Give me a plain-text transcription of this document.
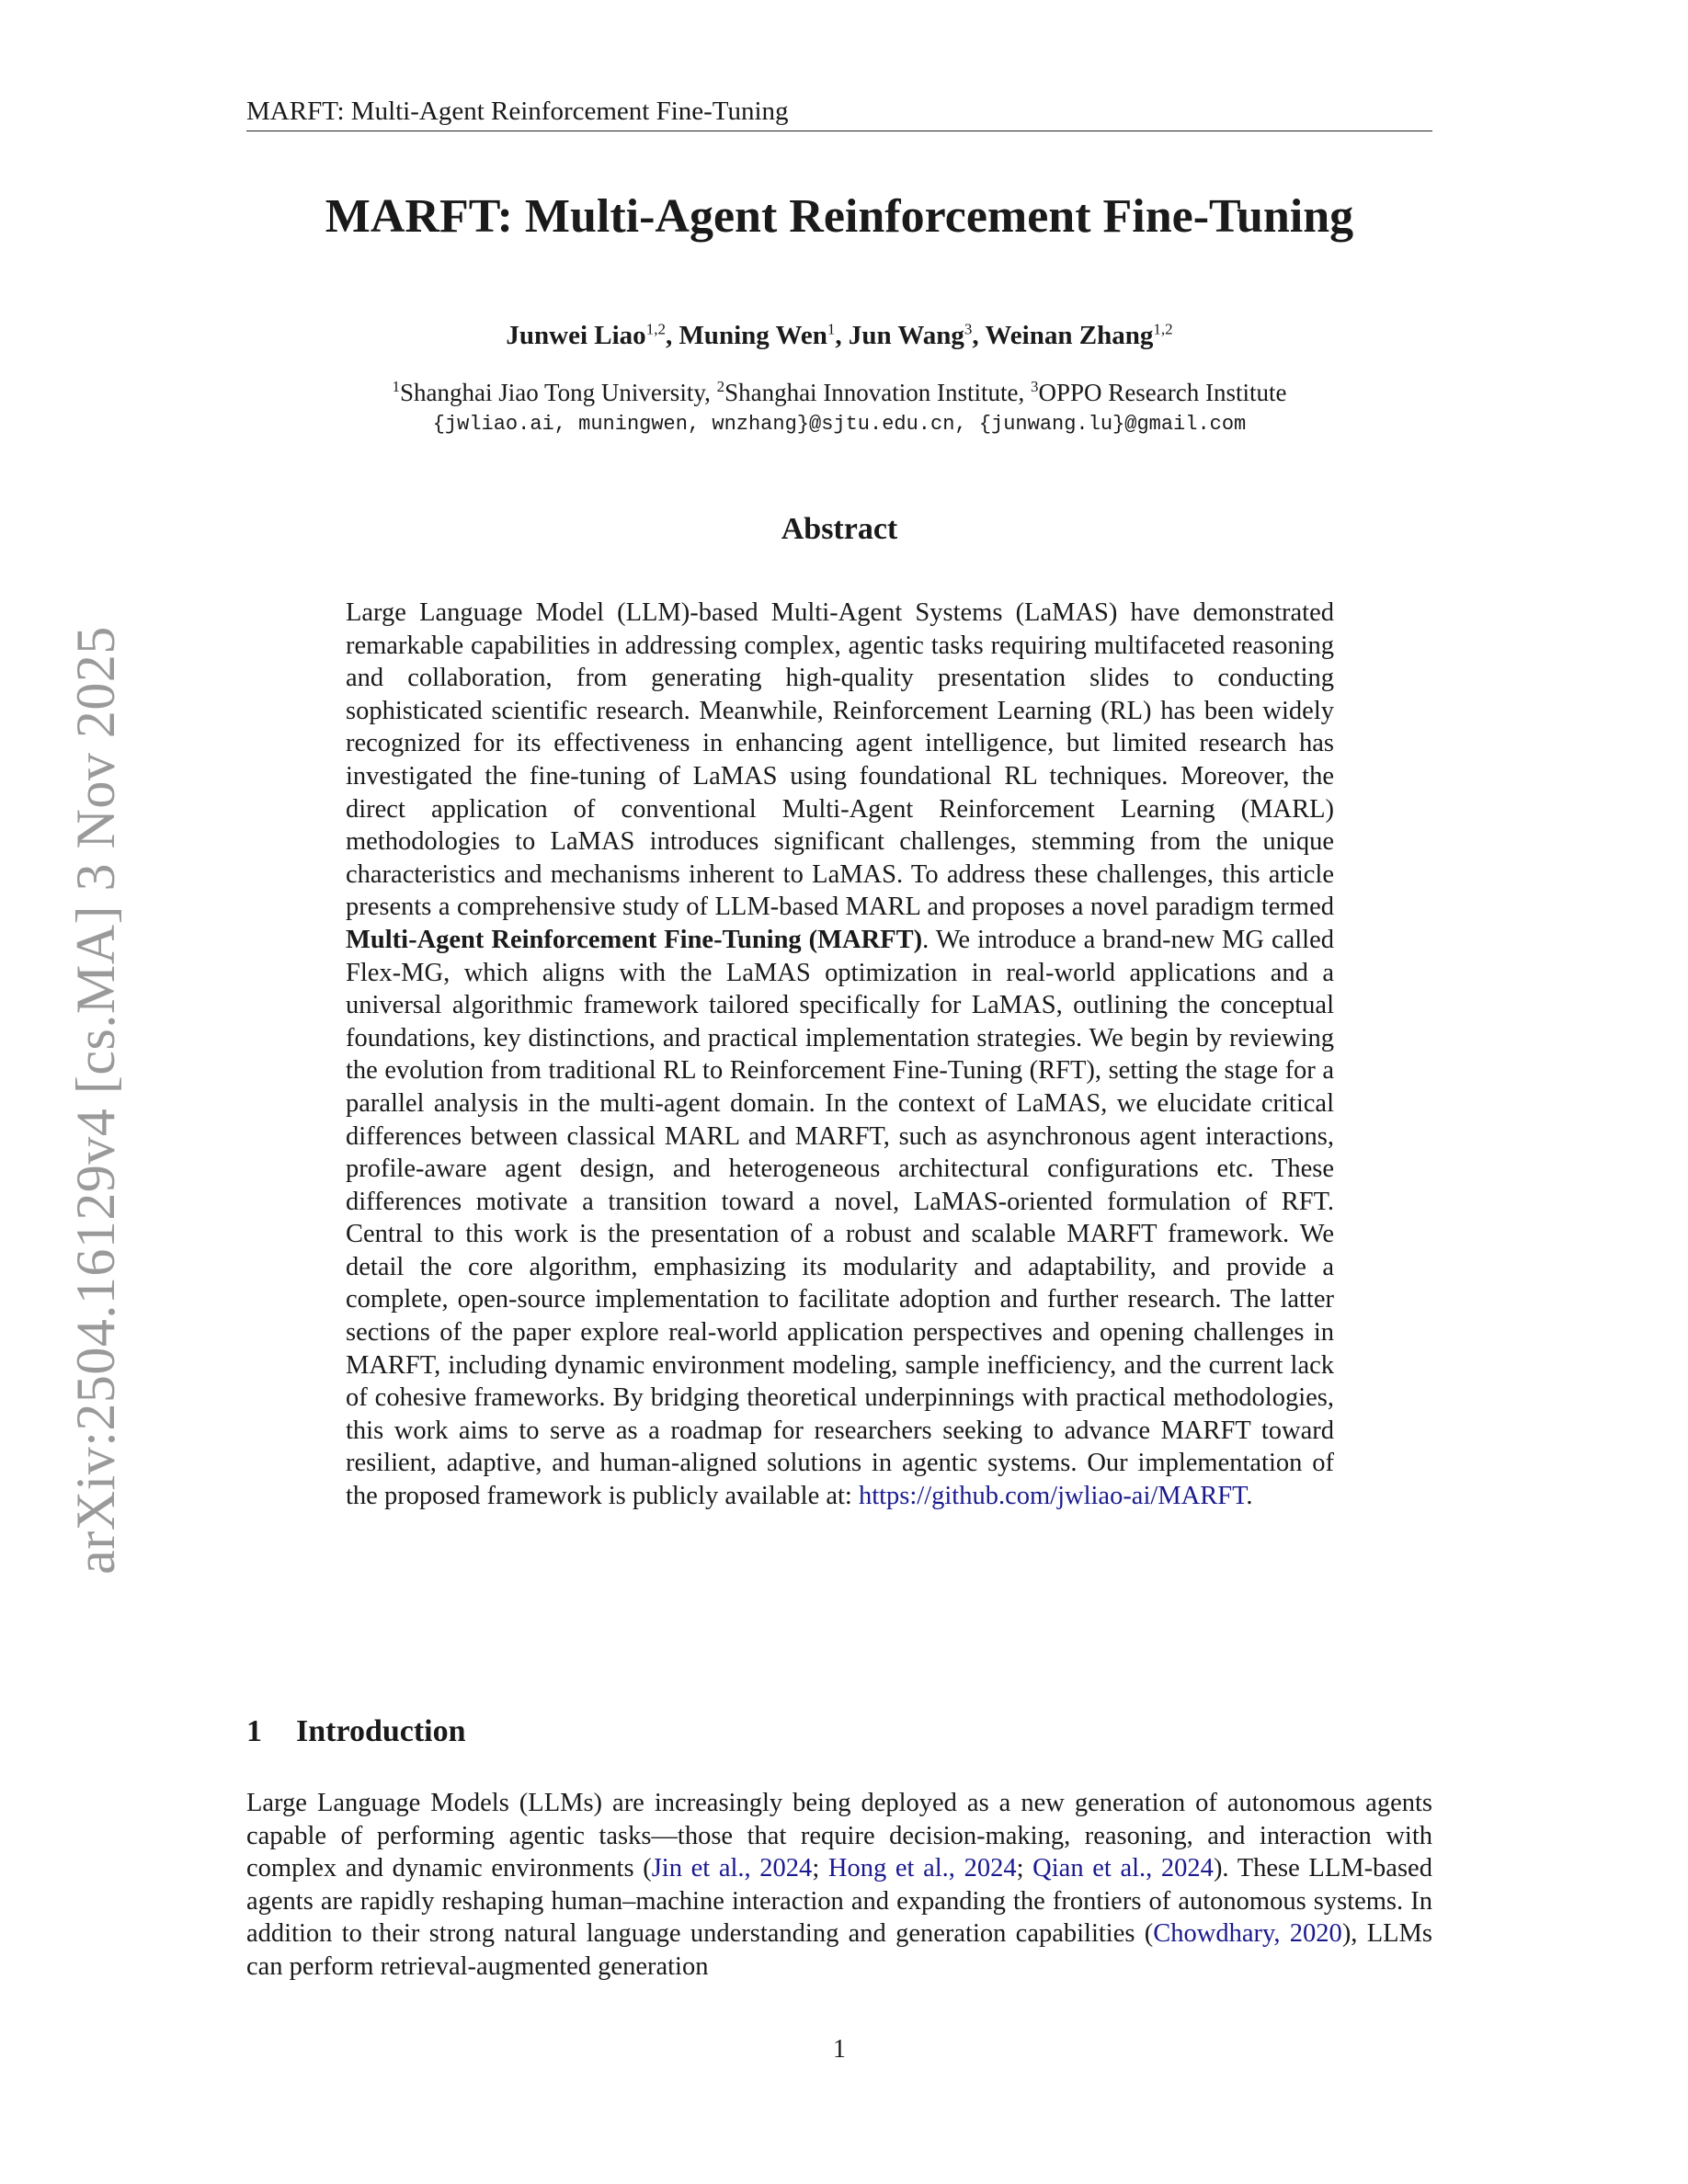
MARFT: Multi-Agent Reinforcement Fine-Tuning
arXiv:2504.16129v4 [cs.MA] 3 Nov 2025
MARFT: Multi-Agent Reinforcement Fine-Tuning
Junwei Liao$^{1,2}$, Muning Wen$^1$, Jun Wang$^3$, Weinan Zhang$^{1,2}$
$^1$Shanghai Jiao Tong University, $^2$Shanghai Innovation Institute, $^3$OPPO Research Institute
{jwliao.ai, muningwen, wnzhang}@sjtu.edu.cn, {junwang.lu}@gmail.com
Abstract
Large Language Model (LLM)-based Multi-Agent Systems (LaMAS) have demonstrated remarkable capabilities in addressing complex, agentic tasks requiring multifaceted reasoning and collaboration, from generating high-quality presentation slides to conducting sophisticated scientific research. Meanwhile, Reinforcement Learning (RL) has been widely recognized for its effectiveness in enhancing agent intelligence, but limited research has investigated the fine-tuning of LaMAS using foundational RL techniques. Moreover, the direct application of conventional Multi-Agent Reinforcement Learning (MARL) methodologies to LaMAS introduces significant challenges, stemming from the unique characteristics and mechanisms inherent to LaMAS. To address these challenges, this article presents a comprehensive study of LLM-based MARL and proposes a novel paradigm termed Multi-Agent Reinforcement Fine-Tuning (MARFT). We introduce a brand-new MG called Flex-MG, which aligns with the LaMAS optimization in real-world applications and a universal algorithmic framework tailored specifically for LaMAS, outlining the conceptual foundations, key distinctions, and practical implementation strategies. We begin by reviewing the evolution from traditional RL to Reinforcement Fine-Tuning (RFT), setting the stage for a parallel analysis in the multi-agent domain. In the context of LaMAS, we elucidate critical differences between classical MARL and MARFT, such as asynchronous agent interactions, profile-aware agent design, and heterogeneous architectural configurations etc. These differences motivate a transition toward a novel, LaMAS-oriented formulation of RFT. Central to this work is the presentation of a robust and scalable MARFT framework. We detail the core algorithm, emphasizing its modularity and adaptability, and provide a complete, open-source implementation to facilitate adoption and further research. The latter sections of the paper explore real-world application perspectives and opening challenges in MARFT, including dynamic environment modeling, sample inefficiency, and the current lack of cohesive frameworks. By bridging theoretical underpinnings with practical methodologies, this work aims to serve as a roadmap for researchers seeking to advance MARFT toward resilient, adaptive, and human-aligned solutions in agentic systems. Our implementation of the proposed framework is publicly available at: https://github.com/jwliao-ai/MARFT.
1 Introduction
Large Language Models (LLMs) are increasingly being deployed as a new generation of autonomous agents capable of performing agentic tasks—those that require decision-making, reasoning, and interaction with complex and dynamic environments (Jin et al., 2024; Hong et al., 2024; Qian et al., 2024). These LLM-based agents are rapidly reshaping human–machine interaction and expanding the frontiers of autonomous systems. In addition to their strong natural language understanding and generation capabilities (Chowdhary, 2020), LLMs can perform retrieval-augmented generation
1
